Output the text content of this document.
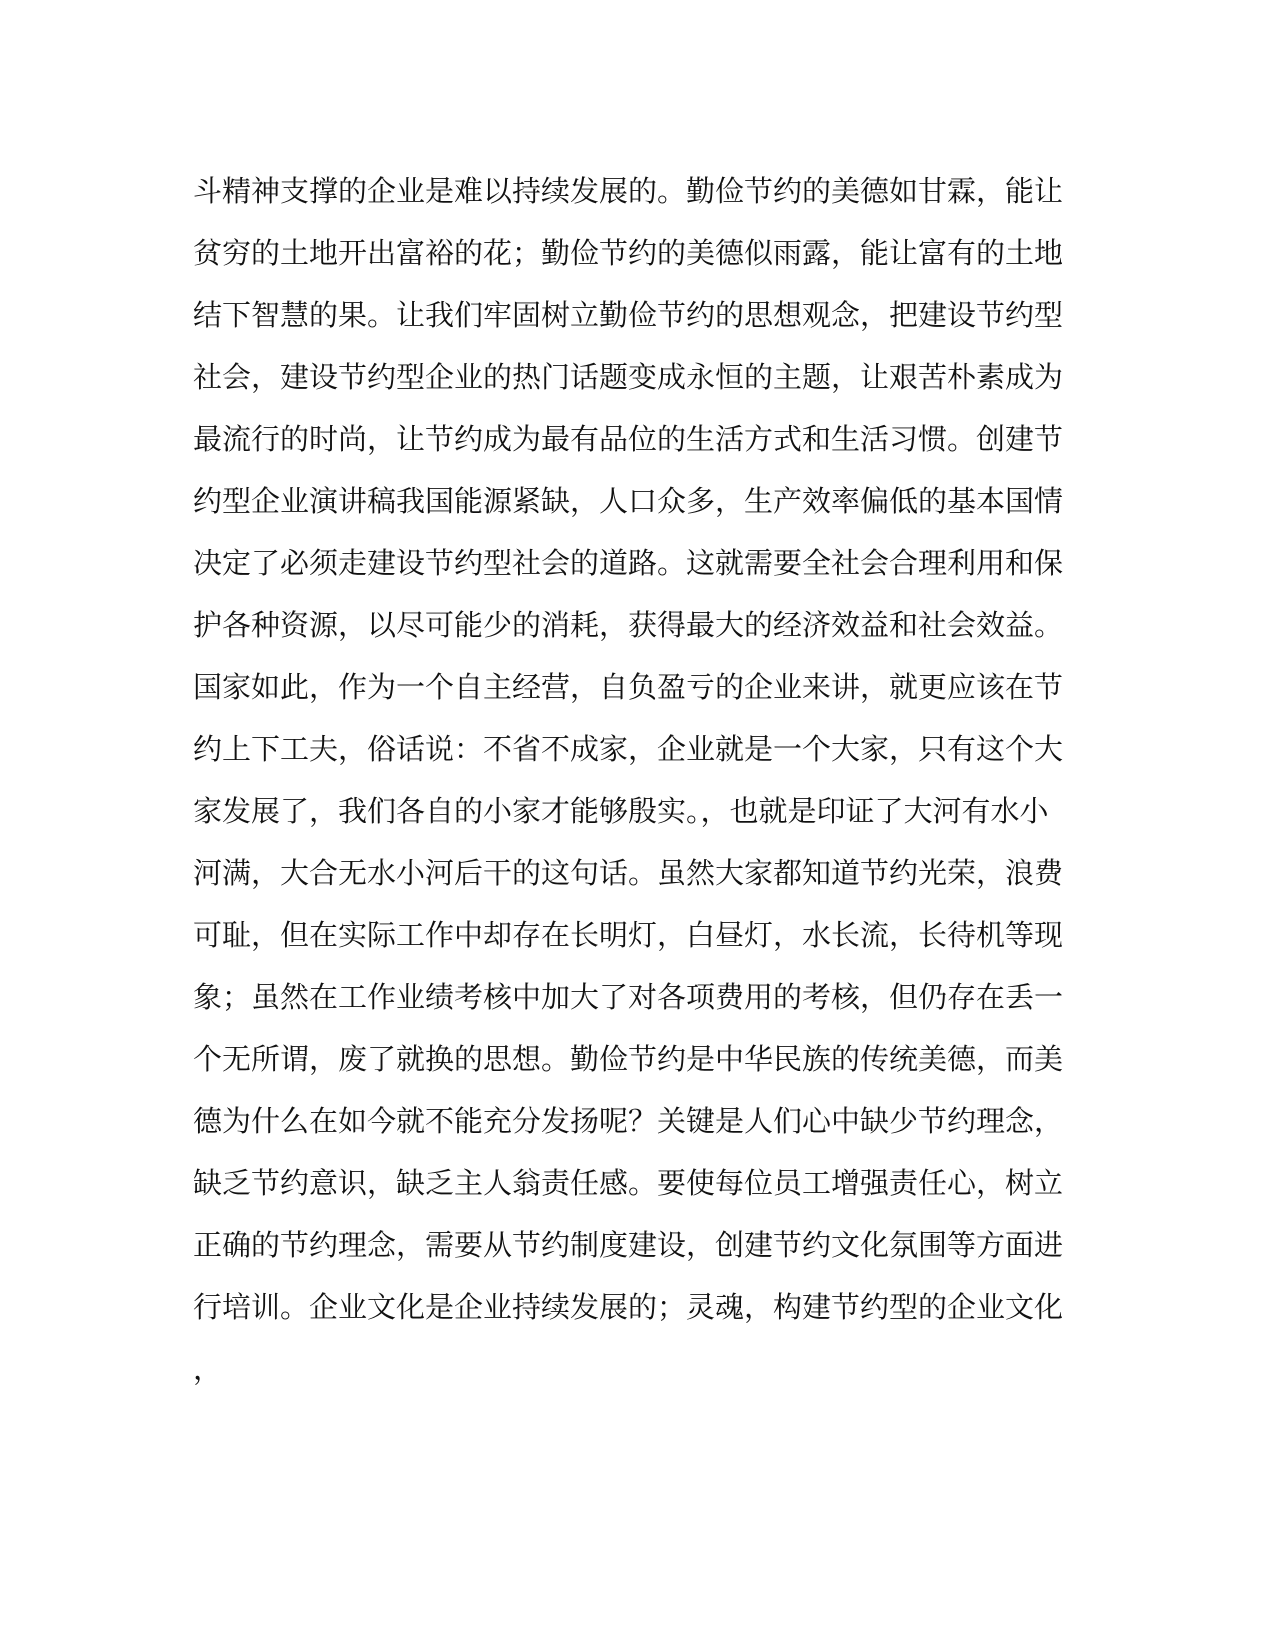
斗精神支撑的企业是难以持续发展的。勤俭节约的美德如甘霖，能让
贫穷的土地开出富裕的花；勤俭节约的美德似雨露，能让富有的土地
结下智慧的果。让我们牢固树立勤俭节约的思想观念，把建设节约型
社会，建设节约型企业的热门话题变成永恒的主题，让艰苦朴素成为
最流行的时尚，让节约成为最有品位的生活方式和生活习惯。创建节
约型企业演讲稿我国能源紧缺，人口众多，生产效率偏低的基本国情
决定了必须走建设节约型社会的道路。这就需要全社会合理利用和保
护各种资源，以尽可能少的消耗，获得最大的经济效益和社会效益。
国家如此，作为一个自主经营，自负盈亏的企业来讲，就更应该在节
约上下工夫，俗话说：不省不成家，企业就是一个大家，只有这个大
家发展了，我们各自的小家才能够殷实。，也就是印证了大河有水小
河满，大合无水小河后干的这句话。虽然大家都知道节约光荣，浪费
可耻，但在实际工作中却存在长明灯，白昼灯，水长流，长待机等现
象；虽然在工作业绩考核中加大了对各项费用的考核，但仍存在丢一
个无所谓，废了就换的思想。勤俭节约是中华民族的传统美德，而美
德为什么在如今就不能充分发扬呢？关键是人们心中缺少节约理念，
缺乏节约意识，缺乏主人翁责任感。要使每位员工增强责任心，树立
正确的节约理念，需要从节约制度建设，创建节约文化氛围等方面进
行培训。企业文化是企业持续发展的；灵魂，构建节约型的企业文化
，
